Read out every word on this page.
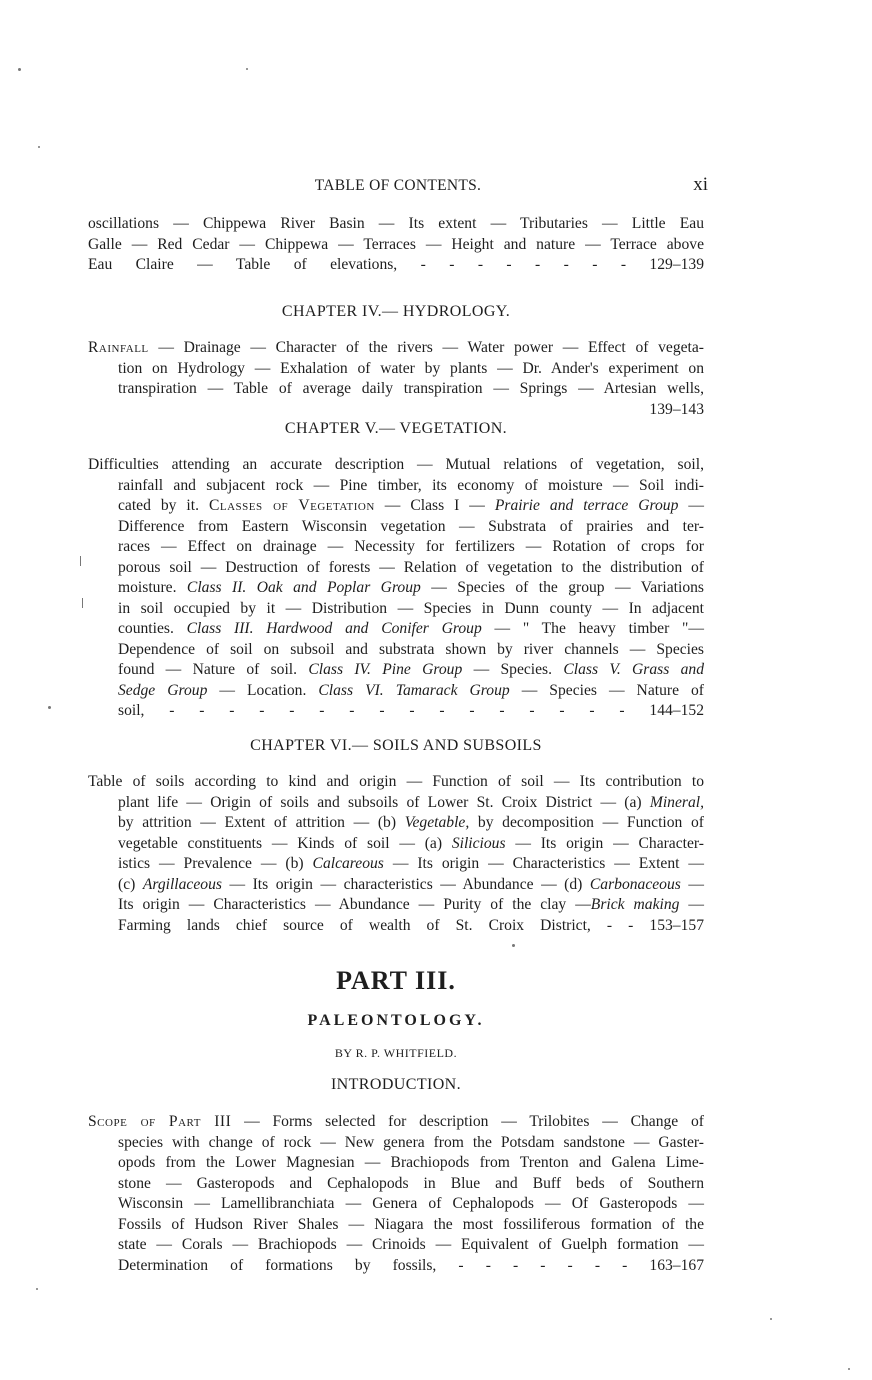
TABLE OF CONTENTS.	xi
oscillations — Chippewa River Basin — Its extent — Tributaries — Little Eau
Galle — Red Cedar — Chippewa — Terraces — Height and nature — Terrace above
Eau Claire — Table of elevations, - - - - - - - - 129–139
CHAPTER IV.— HYDROLOGY.
Rainfall — Drainage — Character of the rivers — Water power — Effect of vegeta-
tion on Hydrology — Exhalation of water by plants — Dr. Ander's experiment on
transpiration — Table of average daily transpiration — Springs — Artesian wells,
139–143
CHAPTER V.— VEGETATION.
Difficulties attending an accurate description — Mutual relations of vegetation, soil,
rainfall and subjacent rock — Pine timber, its economy of moisture — Soil indi-
cated by it. Classes of Vegetation — Class I — Prairie and terrace Group —
Difference from Eastern Wisconsin vegetation — Substrata of prairies and ter-
races — Effect on drainage — Necessity for fertilizers — Rotation of crops for
porous soil — Destruction of forests — Relation of vegetation to the distribution of
moisture. Class II. Oak and Poplar Group — Species of the group — Variations
in soil occupied by it — Distribution — Species in Dunn county — In adjacent
counties. Class III. Hardwood and Conifer Group — " The heavy timber "—
Dependence of soil on subsoil and substrata shown by river channels — Species
found — Nature of soil. Class IV. Pine Group — Species. Class V. Grass and
Sedge Group — Location. Class VI. Tamarack Group — Species — Nature of
soil, - - - - - - - - - - - - - - - - 144–152
CHAPTER VI.— SOILS AND SUBSOILS
Table of soils according to kind and origin — Function of soil — Its contribution to
plant life — Origin of soils and subsoils of Lower St. Croix District — (a) Mineral,
by attrition — Extent of attrition — (b) Vegetable, by decomposition — Function of
vegetable constituents — Kinds of soil — (a) Silicious — Its origin — Character-
istics — Prevalence — (b) Calcareous — Its origin — Characteristics — Extent —
(c) Argillaceous — Its origin — characteristics — Abundance — (d) Carbonaceous —
Its origin — Characteristics — Abundance — Purity of the clay —Brick making —
Farming lands chief source of wealth of St. Croix District, - - 153–157
PART III.
PALEONTOLOGY.
BY R. P. WHITFIELD.
INTRODUCTION.
Scope of Part III — Forms selected for description — Trilobites — Change of
species with change of rock — New genera from the Potsdam sandstone — Gaster-
opods from the Lower Magnesian — Brachiopods from Trenton and Galena Lime-
stone — Gasteropods and Cephalopods in Blue and Buff beds of Southern
Wisconsin — Lamellibranchiata — Genera of Cephalopods — Of Gasteropods —
Fossils of Hudson River Shales — Niagara the most fossiliferous formation of the
state — Corals — Brachiopods — Crinoids — Equivalent of Guelph formation —
Determination of formations by fossils, - - - - - - - 163–167
